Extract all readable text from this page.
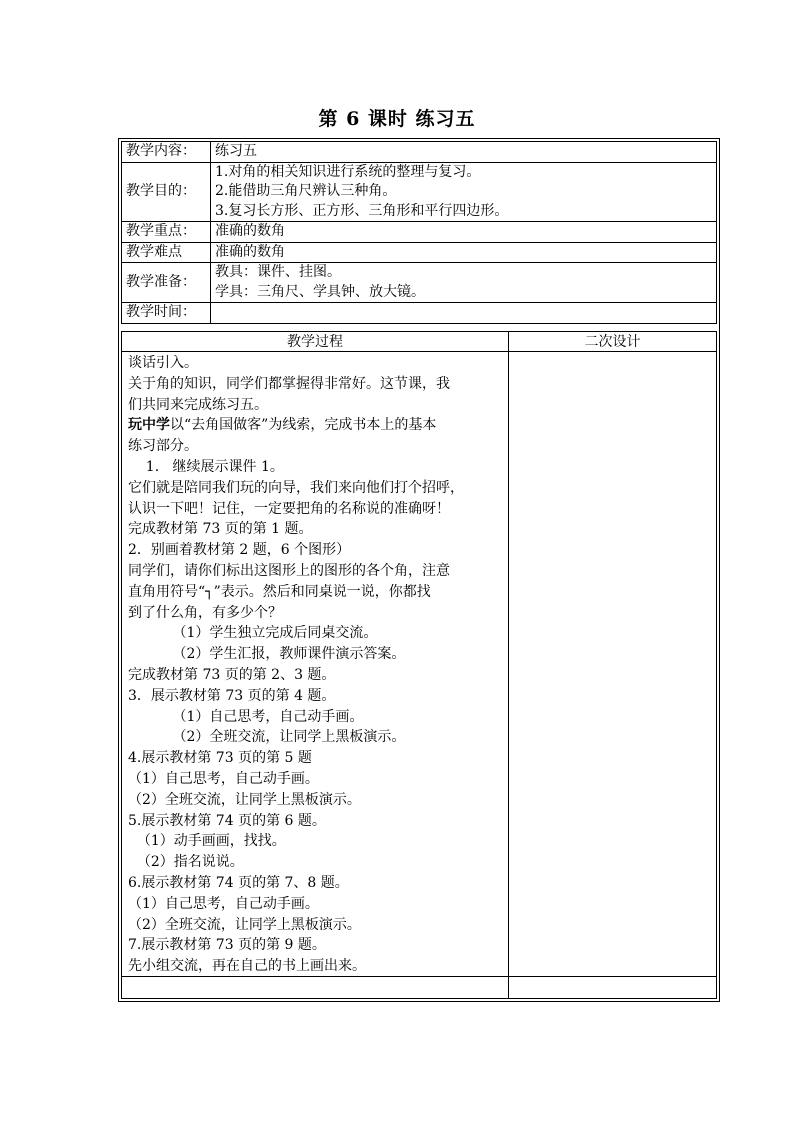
第 6 课时 练习五
教学内容：	练习五
教学目的：	1.对角的相关知识进行系统的整理与复习。
2.能借助三角尺辨认三种角。
3.复习长方形、正方形、三角形和平行四边形。

教学重点：	准确的数角
教学难点	准确的数角
教学准备：	教具：课件、挂图。
学具：三角尺、学具钟、放大镜。

教学时间：	
教学过程	二次设计
谈话引入。
关于角的知识，同学们都掌握得非常好。这节课，我
们共同来完成练习五。
玩中学以“去角国做客”为线索，完成书本上的基本
练习部分。
1.   继续展示课件 1。
它们就是陪同我们玩的向导，我们来向他们打个招呼，
认识一下吧！记住，一定要把角的名称说的准确呀！
完成教材第 73 页的第 1 题。
2．别画着教材第 2 题，6 个图形）
同学们，请你们标出这图形上的图形的各个角，注意
直角用符号“┐”表示。然后和同桌说一说，你都找
到了什么角，有多少个？
（1）学生独立完成后同桌交流。
（2）学生汇报，教师课件演示答案。
完成教材第 73 页的第 2、3 题。
3．展示教材第 73 页的第 4 题。
（1）自己思考，自己动手画。
（2）全班交流，让同学上黑板演示。
4.展示教材第 73 页的第 5 题
（1）自己思考，自己动手画。
（2）全班交流，让同学上黑板演示。
5.展示教材第 74 页的第 6 题。
（1）动手画画，找找。
（2）指名说说。
6.展示教材第 74 页的第 7、8 题。
（1）自己思考，自己动手画。
（2）全班交流，让同学上黑板演示。
7.展示教材第 73 页的第 9 题。
先小组交流，再在自己的书上画出来。
